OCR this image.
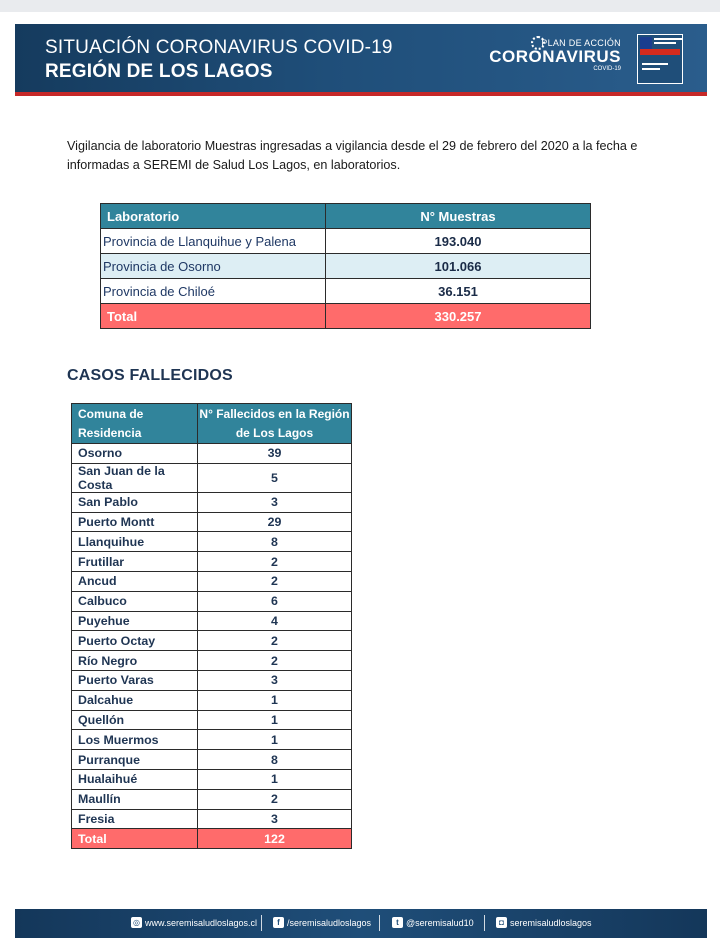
SITUACIÓN CORONAVIRUS COVID-19
REGIÓN DE LOS LAGOS
PLAN DE ACCIÓN
CORONAVIRUS
COVID-19

Vigilancia de laboratorio Muestras ingresadas a vigilancia desde el 29 de febrero del 2020 a la fecha e informadas a SEREMI de Salud Los Lagos, en laboratorios.

Laboratorio	N° Muestras
Provincia de Llanquihue y Palena	193.040
Provincia de Osorno	101.066
Provincia de Chiloé	36.151
Total	330.257
CASOS FALLECIDOS
Comuna de Residencia	N° Fallecidos en la Región de Los Lagos
Osorno	39
San Juan de la Costa	5
San Pablo	3
Puerto Montt	29
Llanquihue	8
Frutillar	2
Ancud	2
Calbuco	6
Puyehue	4
Puerto Octay	2
Río Negro	2
Puerto Varas	3
Dalcahue	1
Quellón	1
Los Muermos	1
Purranque	8
Hualaihué	1
Maullín	2
Fresia	3
Total	122
◎ www.seremisaludloslagos.cl	f /seremisaludloslagos	t @seremisalud10	◘ seremisaludloslagos
